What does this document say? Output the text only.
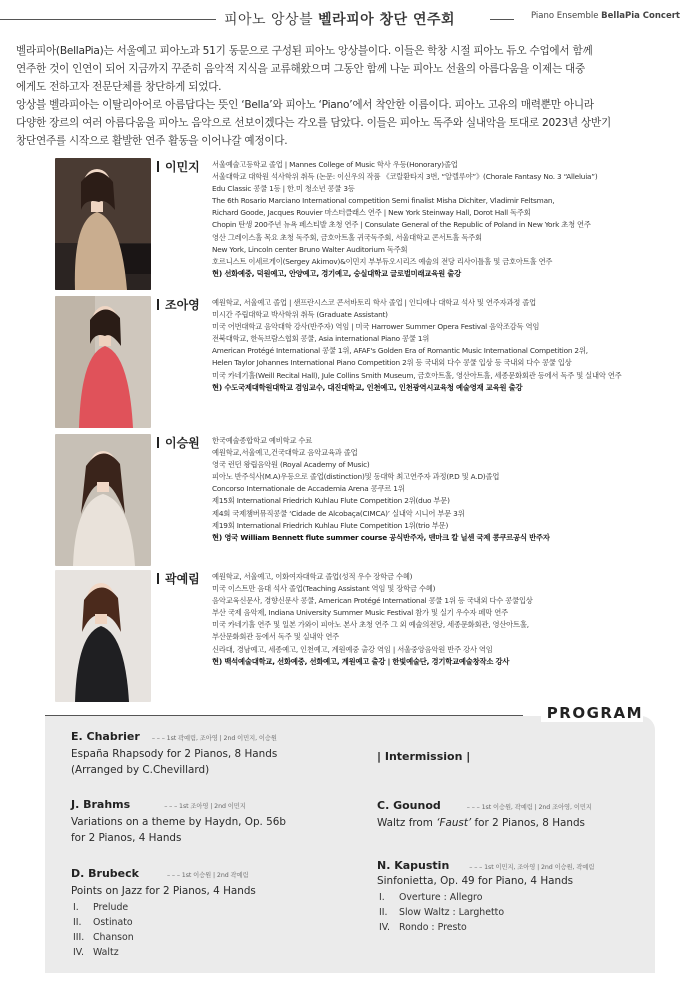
피아노 앙상블 벨라피아 창단 연주회	Piano Ensemble BellaPia Concert

벨라피아(BellaPia)는 서울예고 피아노과 51기 동문으로 구성된 피아노 앙상블이다. 이들은 학창 시절 피아노 듀오 수업에서 함께
연주한 것이 인연이 되어 지금까지 꾸준히 음악적 지식을 교류해왔으며 그동안 함께 나눈 피아노 선율의 아름다움을 이제는 대중
에게도 전하고자 전문단체를 창단하게 되었다.

앙상블 벨라피아는 이탈리아어로 아름답다는 뜻인 ‘Bella’와 피아노 ‘Piano’에서 착안한 이름이다. 피아노 고유의 매력뿐만 아니라
다양한 장르의 여러 아름다움을 피아노 음악으로 선보이겠다는 각오를 담았다. 이들은 피아노 독주와 실내악을 토대로 2023년 상반기
창단연주를 시작으로 활발한 연주 활동을 이어나갈 예정이다.

이민지 서울예술고등학교 졸업 | Mannes College of Music 학사 우등(Honorary)졸업
서울대학교 대학원 석사학위 취득 (논문: 이신우의 작품 《코랄환타지 3번, “알렐루야”》(Chorale Fantasy No. 3 “Alleluia”)
Edu Classic 콩쿨 1등 | 한.미 청소년 콩쿨 3등
The 6th Rosario Marciano International competition Semi finalist Misha Dichiter, Vladimir Feltsman,
Richard Goode, Jacques Rouvier 마스터클래스 연주 | New York Steinway Hall, Dorot Hall 독주회
Chopin 탄생 200주년 뉴욕 페스티발 초청 연주 | Consulate General of the Republic of Poland in New York 초청 연주
영산 그레이스홀 목요 초청 독주회, 금호아트홀 귀국독주회, 서울대학교 콘서트홀 독주회
New York, Lincoln center Bruno Walter Auditorium 독주회
호르니스트 이세르게이(Sergey Akimov)&이민지 부부듀오시리즈 예술의 전당 리사이틀홀 및 금호아트홀 연주
현) 선화예중, 덕원예고, 안양예고, 경기예고, 숭실대학교 글로벌미래교육원 출강
조아영 예원학교, 서울예고 졸업 | 샌프란시스코 콘서바토리 학사 졸업 | 인디애나 대학교 석사 및 연주자과정 졸업
미시간 주립대학교 박사학위 취득 (Graduate Assistant)
미국 어번대학교 음악대학 강사(반주자) 역임 | 미국 Harrower Summer Opera Festival 음악조감독 역임
전북대학교, 한독브람스협회 콩쿨, Asia international Piano 콩쿨 1위
American Protégé International 콩쿨 1위, AFAF's Golden Era of Romantic Music International Competition 2위,
Helen Taylor Johannes International Piano Competition 2위 등 국내외 다수 콩쿨 입상 등 국내외 다수 콩쿨 입상
미국 카네기홀(Weill Recital Hall), Jule Collins Smith Museum, 금호아트홀, 영산아트홀, 세종문화회관 등에서 독주 및 실내악 연주
현) 수도국제대학원대학교 겸임교수, 대진대학교, 인천예고, 인천광역시교육청 예술영재 교육원 출강
이승원 한국예술종합학교 예비학교 수료
예원학교,서울예고,건국대학교 음악교육과 졸업
영국 런던 왕립음악원 (Royal Academy of Music)
피아노 반주석사(M.A)우등으로 졸업(distinction)및 동대학 최고연주자 과정(P.D 및 A.D)졸업
Concorso Internationale de Accademia Arena 콩쿠르 1위
제15회 International Friedrich Kuhlau Flute Competition 2위(duo 부문)
제4회 국제챔버뮤직콩쿨 ‘Cidade de Alcobaça(CIMCA)’ 실내악 시니어 부문 3위
제19회 International Friedrich Kuhlau Flute Competition 1위(trio 부문)
현) 영국 William Bennett flute summer course 공식반주자, 덴마크 칼 닐센 국제 콩쿠르공식 반주자
곽예림 예원학교, 서울예고, 이화여자대학교 졸업(성적 우수 장학금 수혜)
미국 이스트만 음대 석사 졸업(Teaching Assistant 역임 및 장학금 수혜)
음악교육신문사, 경향신문사 콩쿨, American Protégé International 콩쿨 1위 등 국내외 다수 콩쿨입상
부산 국제 음악제, Indiana University Summer Music Festival 참가 및 실기 우수자 페막 연주
미국 카네기홀 연주 및 일본 가와이 피아노 본사 초청 연주 그 외 예술의전당, 세종문화회관, 영산아트홀,
부산문화회관 등에서 독주 및 실내악 연주
신라대, 경남예고, 세종예고, 인천예고, 계원예중 출강 역임 | 서울중앙음악원 반주 강사 역임
현) 백석예술대학교, 선화예중, 선화예고, 계원예고 출강 | 한빛예술단, 경기학교예술창작소 강사
PROGRAM
E. Chabrier – – – 1st 곽예림, 조아영 | 2nd 이민지, 이승원
España Rhapsody for 2 Pianos, 8 Hands
(Arranged by C.Chevillard)
J. Brahms	– – – 1st 조아영 | 2nd 이민지
Variations on a theme by Haydn, Op. 56b
for 2 Pianos, 4 Hands
D. Brubeck	– – – 1st 이승원 | 2nd 곽예림
Points on Jazz for 2 Pianos, 4 Hands
I. Prelude
II. Ostinato
III. Chanson
IV. Waltz
| Intermission |
C. Gounod	– – – 1st 이승원, 곽예림 | 2nd 조아영, 이민지
Waltz from ‘Faust’ for 2 Pianos, 8 Hands
N. Kapustin	– – – 1st 이민지, 조아영 | 2nd 이승원, 곽예림
Sinfonietta, Op. 49 for Piano, 4 Hands
I. Overture : Allegro
II. Slow Waltz : Larghetto
IV. Rondo : Presto
